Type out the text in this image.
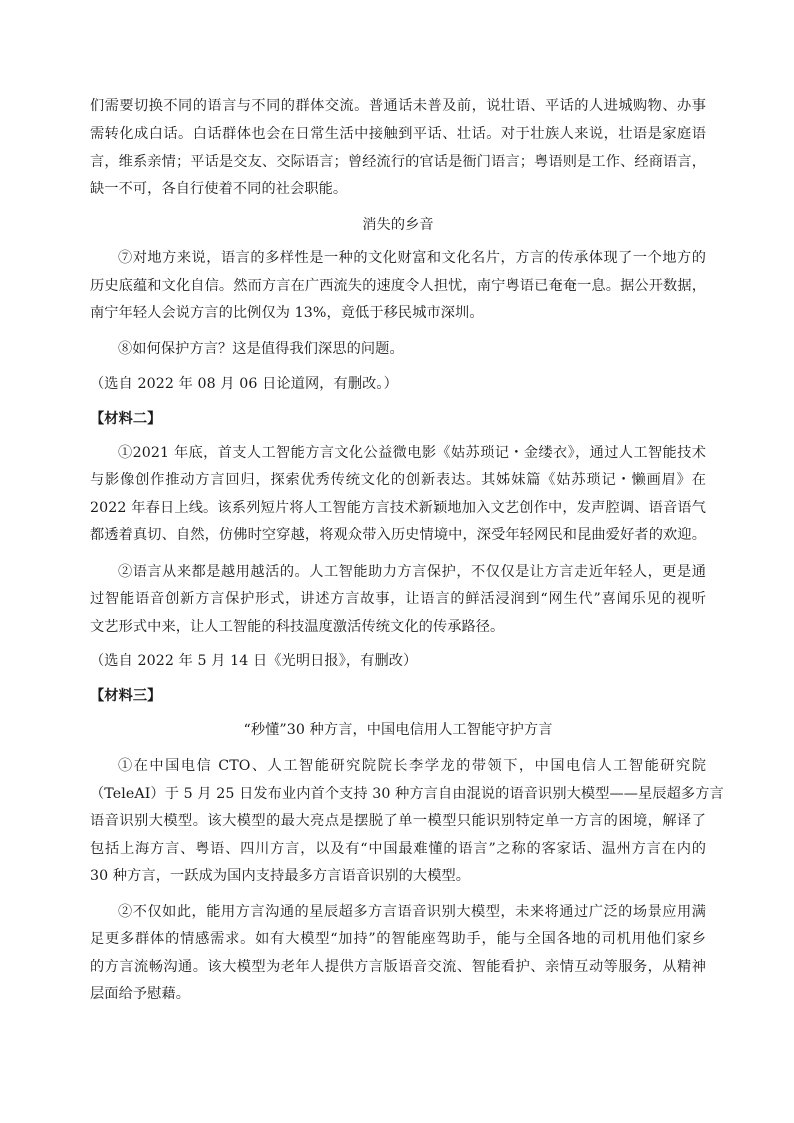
们需要切换不同的语言与不同的群体交流。普通话未普及前，说壮语、平话的人进城购物、办事
需转化成白话。白话群体也会在日常生活中接触到平话、壮话。对于壮族人来说，壮语是家庭语
言，维系亲情；平话是交友、交际语言；曾经流行的官话是衙门语言；粤语则是工作、经商语言，
缺一不可，各自行使着不同的社会职能。
消失的乡音
⑦对地方来说，语言的多样性是一种的文化财富和文化名片，方言的传承体现了一个地方的
历史底蕴和文化自信。然而方言在广西流失的速度令人担忧，南宁粤语已奄奄一息。据公开数据，
南宁年轻人会说方言的比例仅为 13%，竟低于移民城市深圳。
⑧如何保护方言？这是值得我们深思的问题。
（选自 2022 年 08 月 06 日论道网，有删改。）
【材料二】
①2021 年底，首支人工智能方言文化公益微电影《姑苏琐记・金缕衣》，通过人工智能技术
与影像创作推动方言回归，探索优秀传统文化的创新表达。其姊妹篇《姑苏琐记・懒画眉》在
2022 年春日上线。该系列短片将人工智能方言技术新颖地加入文艺创作中，发声腔调、语音语气
都透着真切、自然，仿佛时空穿越，将观众带入历史情境中，深受年轻网民和昆曲爱好者的欢迎。
②语言从来都是越用越活的。人工智能助力方言保护，不仅仅是让方言走近年轻人，更是通
过智能语音创新方言保护形式，讲述方言故事，让语言的鲜活浸润到“网生代”喜闻乐见的视听
文艺形式中来，让人工智能的科技温度激活传统文化的传承路径。
（选自 2022 年 5 月 14 日《光明日报》，有删改）
【材料三】
“秒懂”30 种方言，中国电信用人工智能守护方言
①在中国电信 CTO、人工智能研究院院长李学龙的带领下，中国电信人工智能研究院
（TeleAI）于 5 月 25 日发布业内首个支持 30 种方言自由混说的语音识别大模型——星辰超多方言
语音识别大模型。该大模型的最大亮点是摆脱了单一模型只能识别特定单一方言的困境，解译了
包括上海方言、粤语、四川方言，以及有“中国最难懂的语言”之称的客家话、温州方言在内的
30 种方言，一跃成为国内支持最多方言语音识别的大模型。
②不仅如此，能用方言沟通的星辰超多方言语音识别大模型，未来将通过广泛的场景应用满
足更多群体的情感需求。如有大模型“加持”的智能座驾助手，能与全国各地的司机用他们家乡
的方言流畅沟通。该大模型为老年人提供方言版语音交流、智能看护、亲情互动等服务，从精神
层面给予慰藉。
